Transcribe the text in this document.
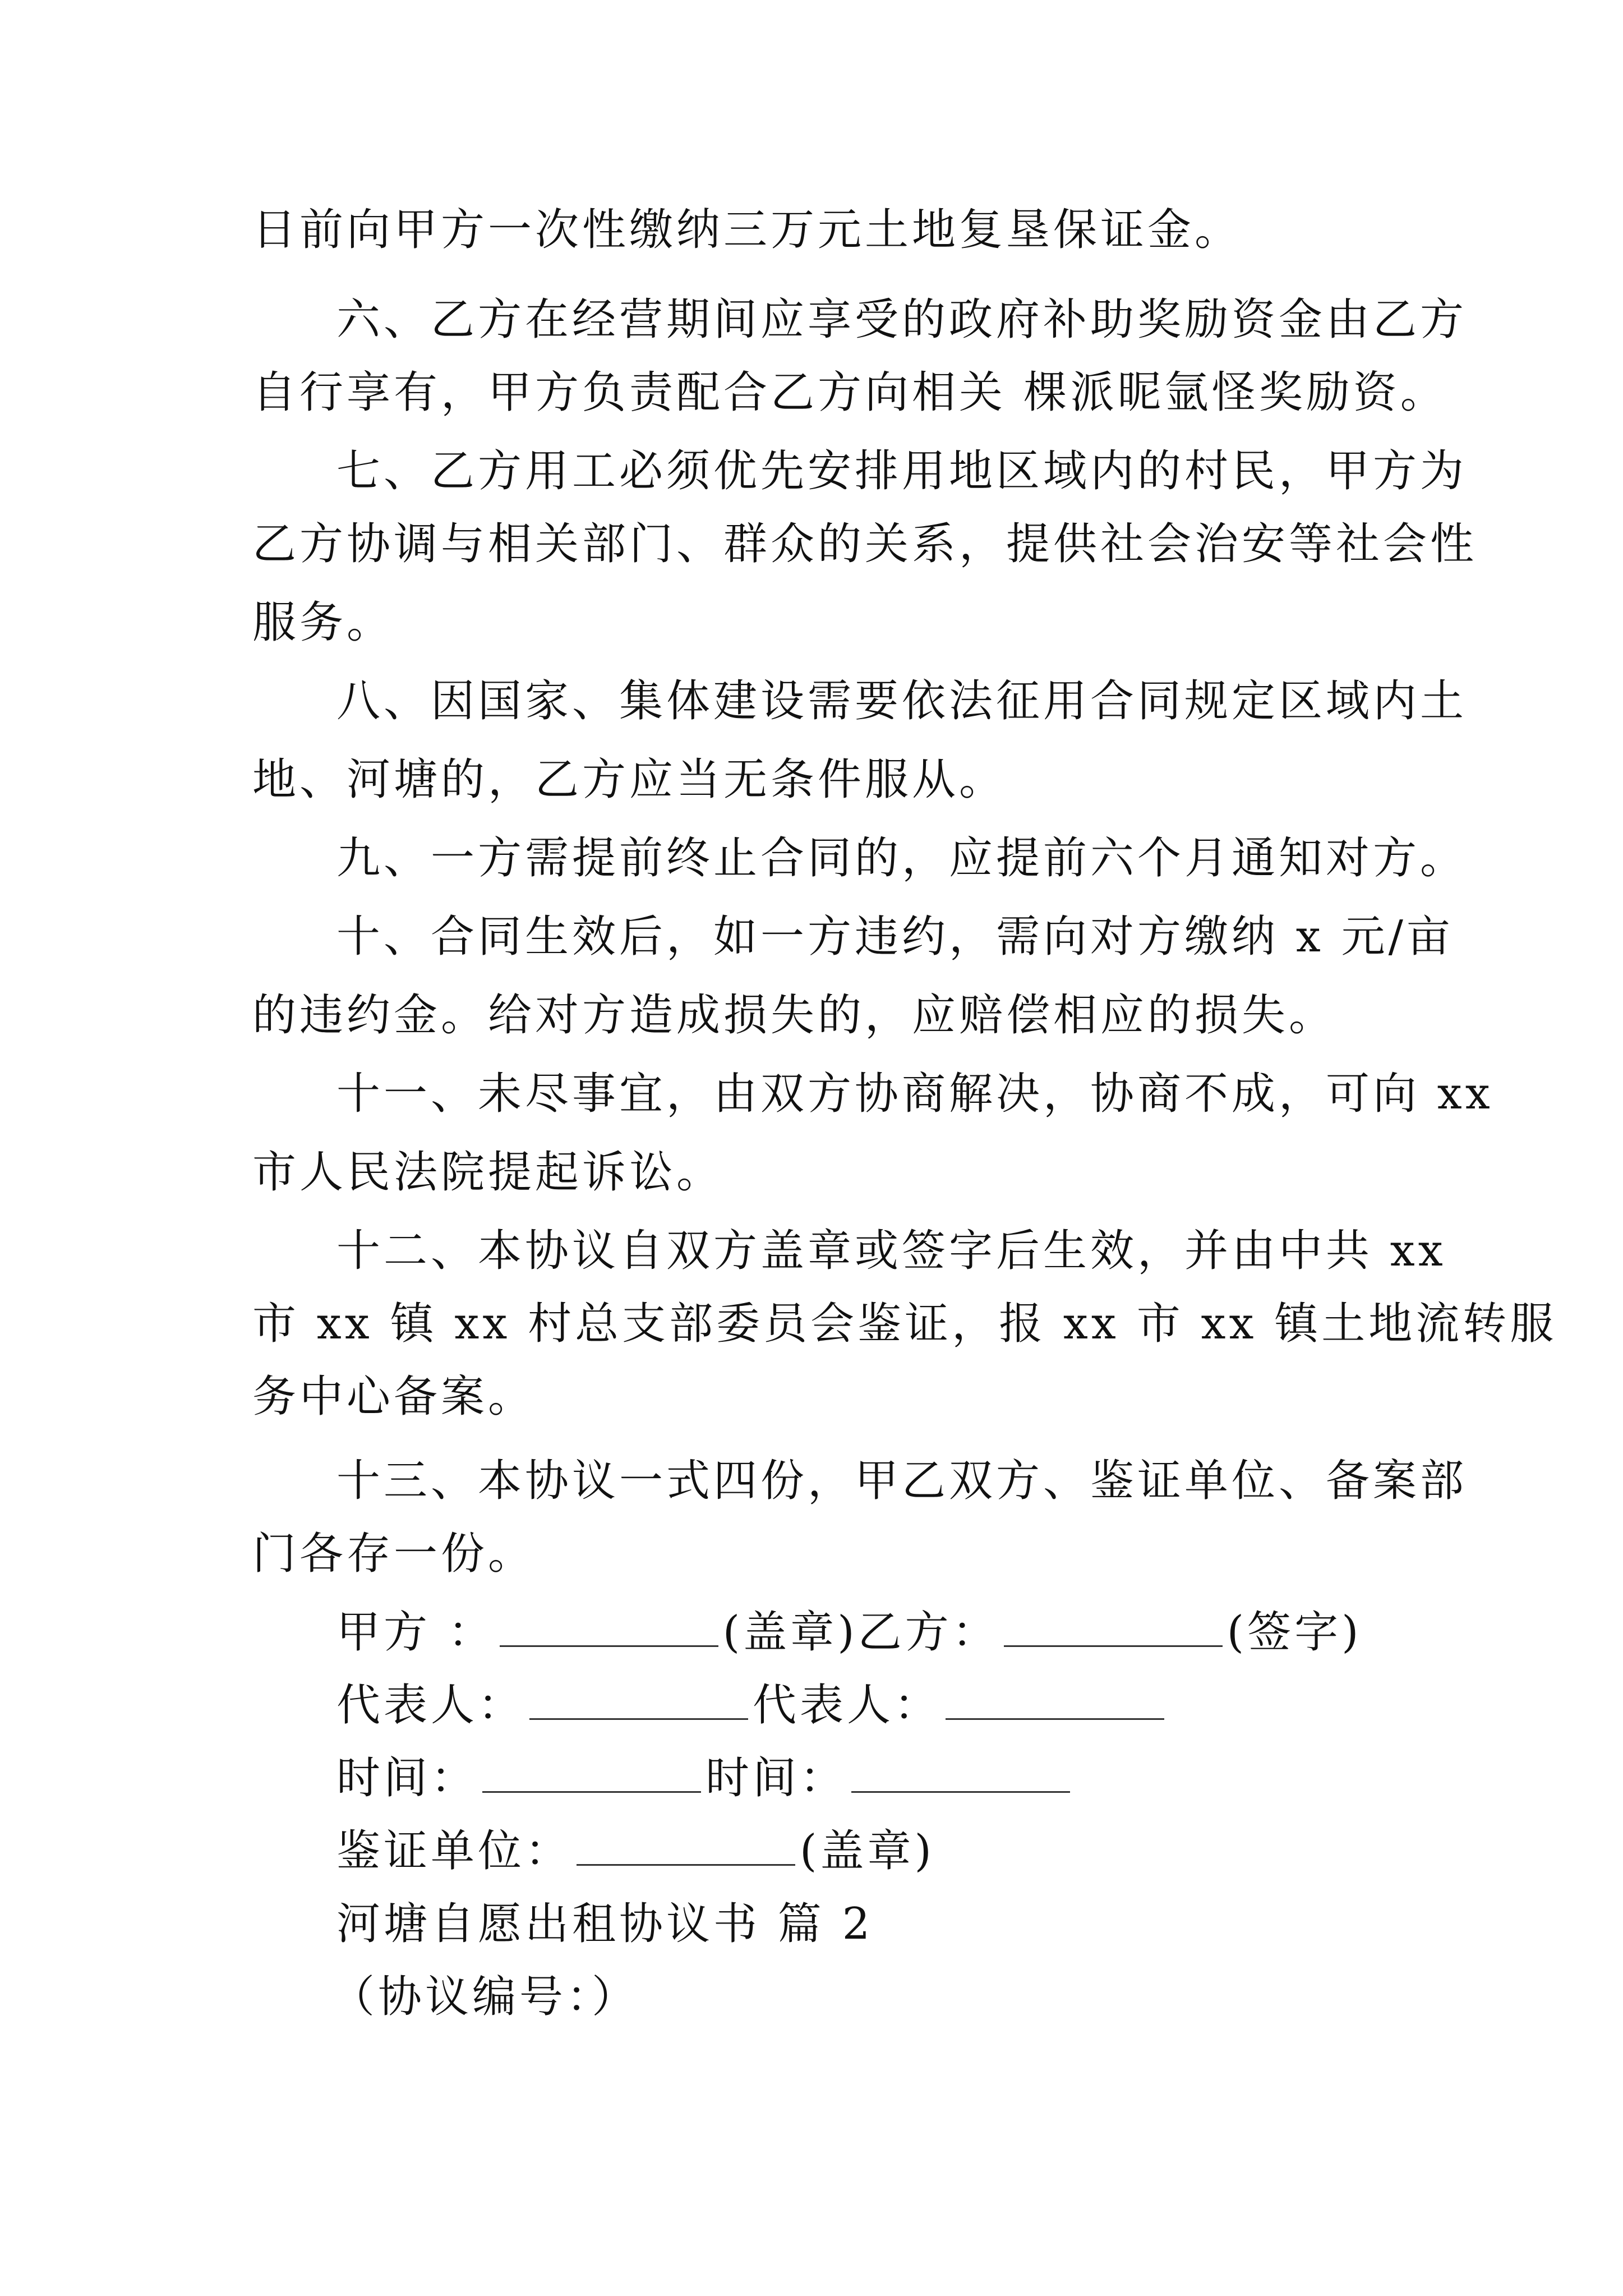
日前向甲方一次性缴纳三万元土地复垦保证金。

六、乙方在经营期间应享受的政府补助奖励资金由乙方

自行享有，甲方负责配合乙方向相关 棵派昵氩怪奖励资。

七、乙方用工必须优先安排用地区域内的村民，甲方为

乙方协调与相关部门、群众的关系，提供社会治安等社会性

服务。

八、因国家、集体建设需要依法征用合同规定区域内土

地、河塘的，乙方应当无条件服从。

九、一方需提前终止合同的，应提前六个月通知对方。

十、合同生效后，如一方违约，需向对方缴纳 x 元/亩

的违约金。给对方造成损失的，应赔偿相应的损失。

十一、未尽事宜，由双方协商解决，协商不成，可向 xx

市人民法院提起诉讼。

十二、本协议自双方盖章或签字后生效，并由中共 xx

市 xx 镇 xx 村总支部委员会鉴证，报 xx 市 xx 镇土地流转服

务中心备案。

十三、本协议一式四份，甲乙双方、鉴证单位、备案部

门各存一份。

甲方 ：	(盖章)乙方：	(签字)
代表人：	代表人：
时间：	时间：
鉴证单位：	(盖章)

河塘自愿出租协议书 篇 2

（协议编号：）
